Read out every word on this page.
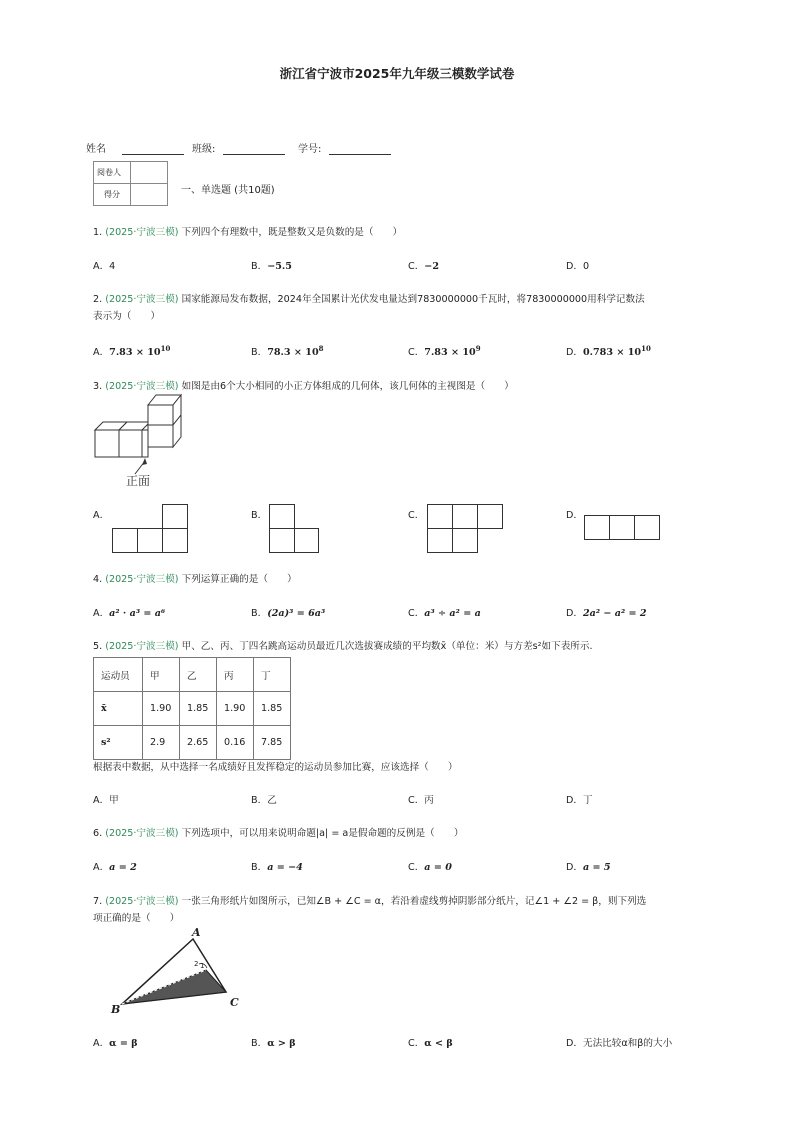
浙江省宁波市2025年九年级三模数学试卷
姓名	班级:	学号:
阅卷人	
得分		一、单选题 (共10题)
1. (2025·宁波三模) 下列四个有理数中，既是整数又是负数的是（　　）
A．4	B．−5.5	C．−2	D．0
2. (2025·宁波三模) 国家能源局发布数据，2024年全国累计光伏发电量达到7830000000千瓦时，将7830000000用科学记数法
表示为（　　）
A．$7.83 \times 10^{10}$	B．$78.3 \times 10^8$	C．$7.83 \times 10^9$	D．$0.783 \times 10^{10}$
3. (2025·宁波三模) 如图是由6个大小相同的小正方体组成的几何体，该几何体的主视图是（　　）
正面
A．	B．	C．	D．
4. (2025·宁波三模) 下列运算正确的是（　　）
A．a² · a³ = a⁶	B．(2a)³ = 6a³	C．a³ ÷ a² = a	D．2a² − a² = 2
5. (2025·宁波三模) 甲、乙、丙、丁四名跳高运动员最近几次选拔赛成绩的平均数x̄（单位：米）与方差s²如下表所示.
运动员	甲	乙	丙	丁
x̄	1.90	1.85	1.90	1.85
s²	2.9	2.65	0.16	7.85
根据表中数据，从中选择一名成绩好且发挥稳定的运动员参加比赛，应该选择（　　）
A．甲	B．乙	C．丙	D．丁
6. (2025·宁波三模) 下列选项中，可以用来说明命题|a| = a是假命题的反例是（　　）
A．a = 2	B．a = −4	C．a = 0	D．a = 5
7. (2025·宁波三模) 一张三角形纸片如图所示，已知∠B + ∠C = α，若沿着虚线剪掉阴影部分纸片，记∠1 + ∠2 = β，则下列选
项正确的是（　　）
A
B
C
1
2
A．α = β	B．α > β	C．α < β	D．无法比较α和β的大小
